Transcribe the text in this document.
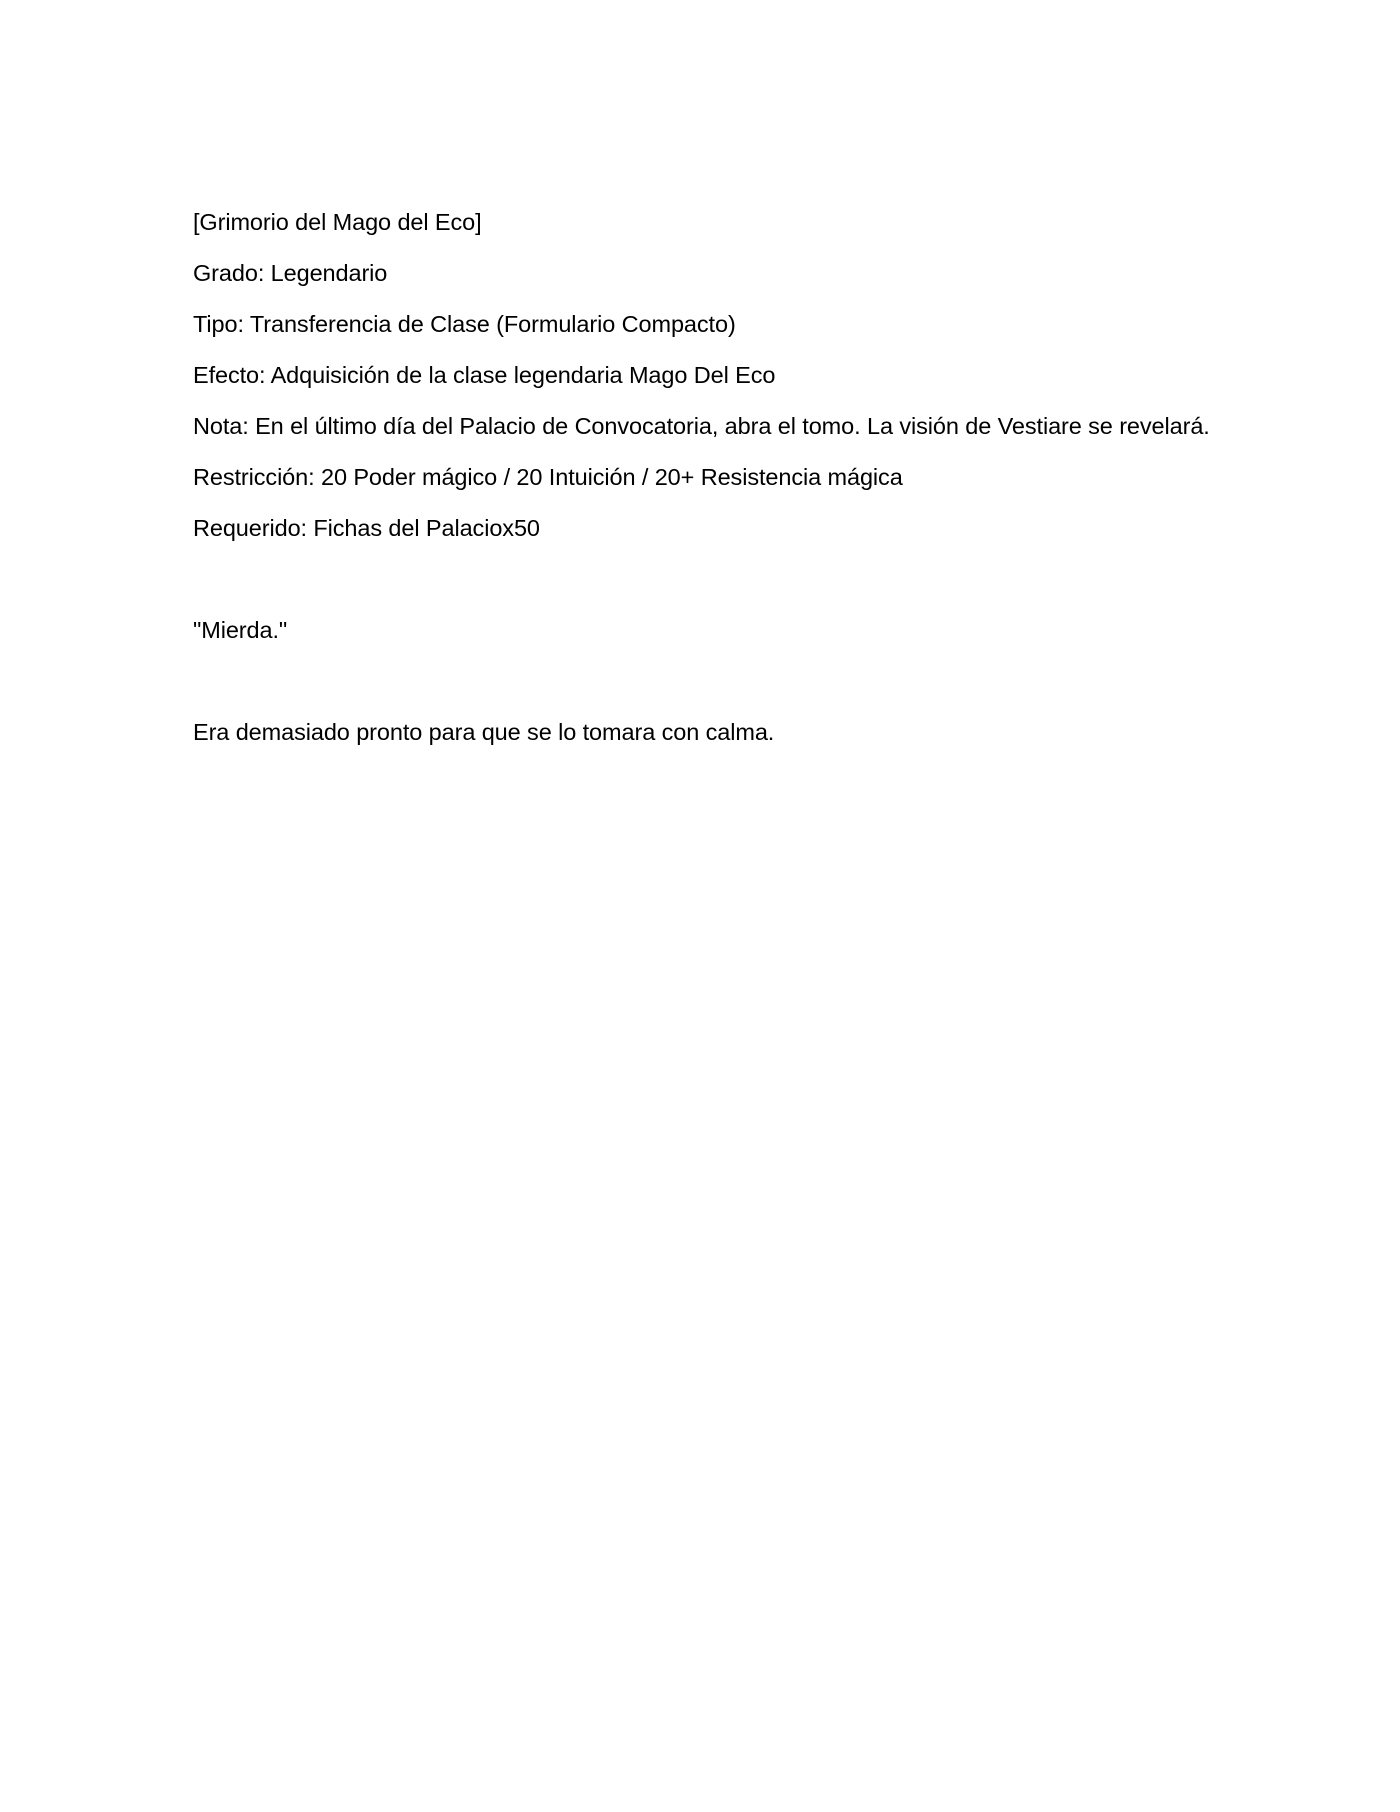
[Grimorio del Mago del Eco]
Grado: Legendario
Tipo: Transferencia de Clase (Formulario Compacto)
Efecto: Adquisición de la clase legendaria Mago Del Eco
Nota: En el último día del Palacio de Convocatoria, abra el tomo. La visión de Vestiare se revelará.
Restricción: 20 Poder mágico / 20 Intuición / 20+ Resistencia mágica
Requerido: Fichas del Palaciox50
"Mierda."
Era demasiado pronto para que se lo tomara con calma.
